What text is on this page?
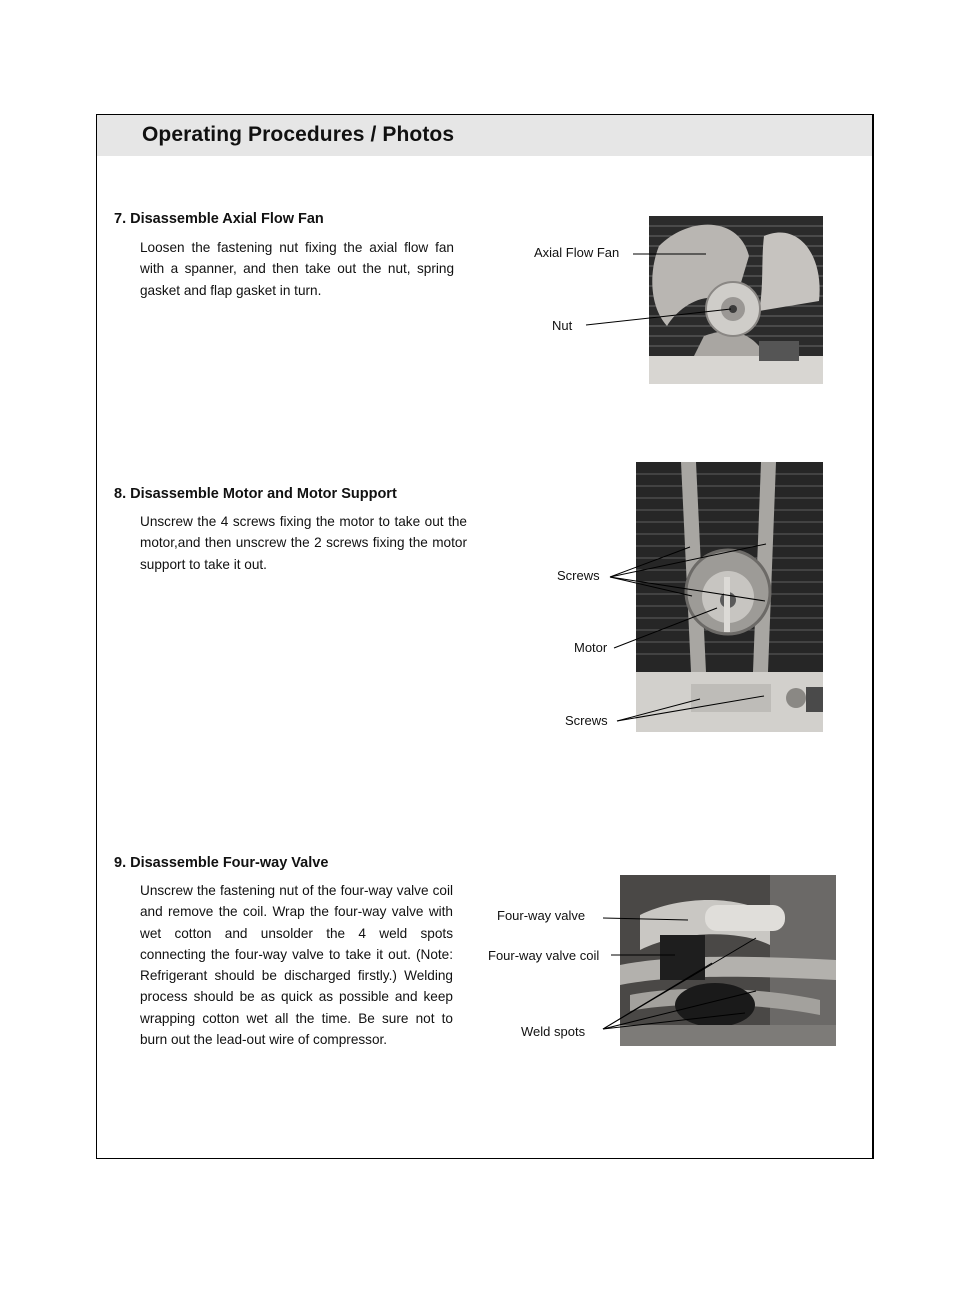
Operating Procedures / Photos
7. Disassemble Axial Flow Fan

Loosen the fastening nut fixing the axial flow fan with a spanner, and then take out the nut, spring gasket and flap gasket in turn.

8. Disassemble Motor and Motor Support

Unscrew the 4 screws fixing the motor to take out the motor,and then unscrew the 2 screws fixing the motor support to take it out.

9. Disassemble Four-way Valve

Unscrew the fastening nut of the four-way valve coil and remove the coil. Wrap the four-way valve with wet cotton and unsolder the 4 weld spots connecting the four-way valve to take it out. (Note: Refrigerant should be discharged firstly.) Welding process should be as quick as possible and keep wrapping cotton wet all the time. Be sure not to burn out the lead-out wire of compressor.

Axial Flow Fan
Nut
Screws
Motor
Screws
Four-way valve
Four-way valve coil
Weld spots
